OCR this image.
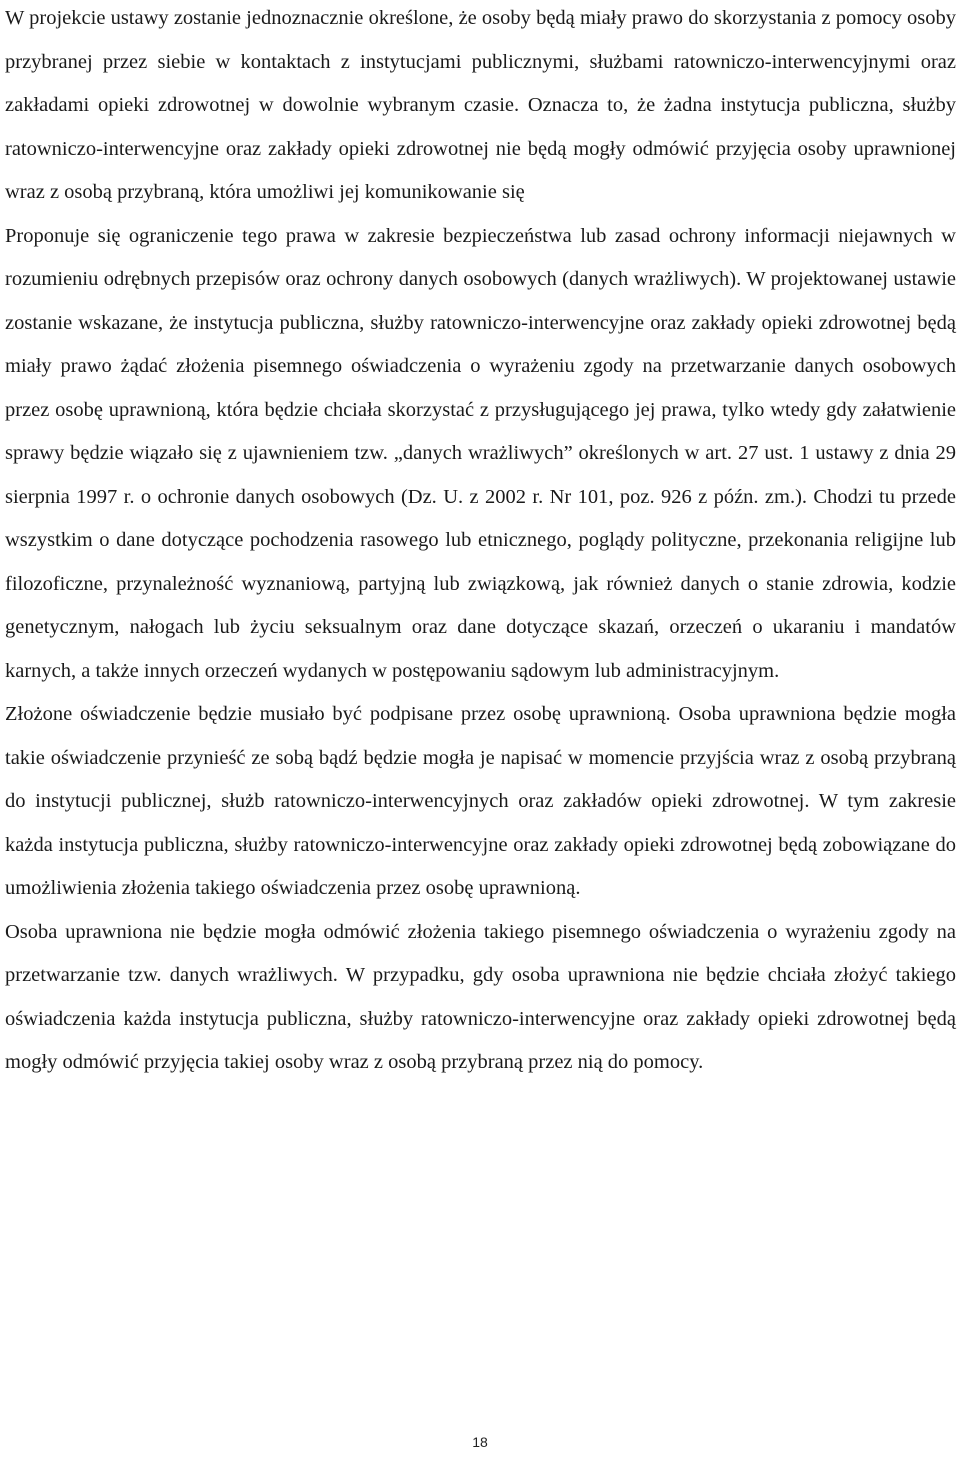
W projekcie ustawy zostanie jednoznacznie określone, że osoby będą miały prawo do skorzystania z pomocy osoby przybranej przez siebie w kontaktach z instytucjami publicznymi, służbami ratowniczo-interwencyjnymi oraz zakładami opieki zdrowotnej w dowolnie wybranym czasie. Oznacza to, że żadna instytucja publiczna, służby ratowniczo-interwencyjne oraz zakłady opieki zdrowotnej nie będą mogły odmówić przyjęcia osoby uprawnionej wraz z osobą przybraną, która umożliwi jej komunikowanie się

Proponuje się ograniczenie tego prawa w zakresie bezpieczeństwa lub zasad ochrony informacji niejawnych w rozumieniu odrębnych przepisów oraz ochrony danych osobowych (danych wrażliwych). W projektowanej ustawie zostanie wskazane, że instytucja publiczna, służby ratowniczo-interwencyjne oraz zakłady opieki zdrowotnej będą miały prawo żądać złożenia pisemnego oświadczenia o wyrażeniu zgody na przetwarzanie danych osobowych przez osobę uprawnioną, która będzie chciała skorzystać z przysługującego jej prawa, tylko wtedy gdy załatwienie sprawy będzie wiązało się z ujawnieniem tzw. „danych wrażliwych” określonych w art. 27 ust. 1 ustawy z dnia 29 sierpnia 1997 r. o ochronie danych osobowych (Dz. U. z 2002 r. Nr 101, poz. 926 z późn. zm.). Chodzi tu przede wszystkim o dane dotyczące pochodzenia rasowego lub etnicznego, poglądy polityczne, przekonania religijne lub filozoficzne, przynależność wyznaniową, partyjną lub związkową, jak również danych o stanie zdrowia, kodzie genetycznym, nałogach lub życiu seksualnym oraz dane dotyczące skazań, orzeczeń o ukaraniu i mandatów karnych, a także innych orzeczeń wydanych w postępowaniu sądowym lub administracyjnym.

Złożone oświadczenie będzie musiało być podpisane przez osobę uprawnioną. Osoba uprawniona będzie mogła takie oświadczenie przynieść ze sobą bądź będzie mogła je napisać w momencie przyjścia wraz z osobą przybraną do instytucji publicznej, służb ratowniczo-interwencyjnych oraz zakładów opieki zdrowotnej. W tym zakresie każda instytucja publiczna, służby ratowniczo-interwencyjne oraz zakłady opieki zdrowotnej będą zobowiązane do umożliwienia złożenia takiego oświadczenia przez osobę uprawnioną.

Osoba uprawniona nie będzie mogła odmówić złożenia takiego pisemnego oświadczenia o wyrażeniu zgody na przetwarzanie tzw. danych wrażliwych. W przypadku, gdy osoba uprawniona nie będzie chciała złożyć takiego oświadczenia każda instytucja publiczna, służby ratowniczo-interwencyjne oraz zakłady opieki zdrowotnej będą mogły odmówić przyjęcia takiej osoby wraz z osobą przybraną przez nią do pomocy.

18
